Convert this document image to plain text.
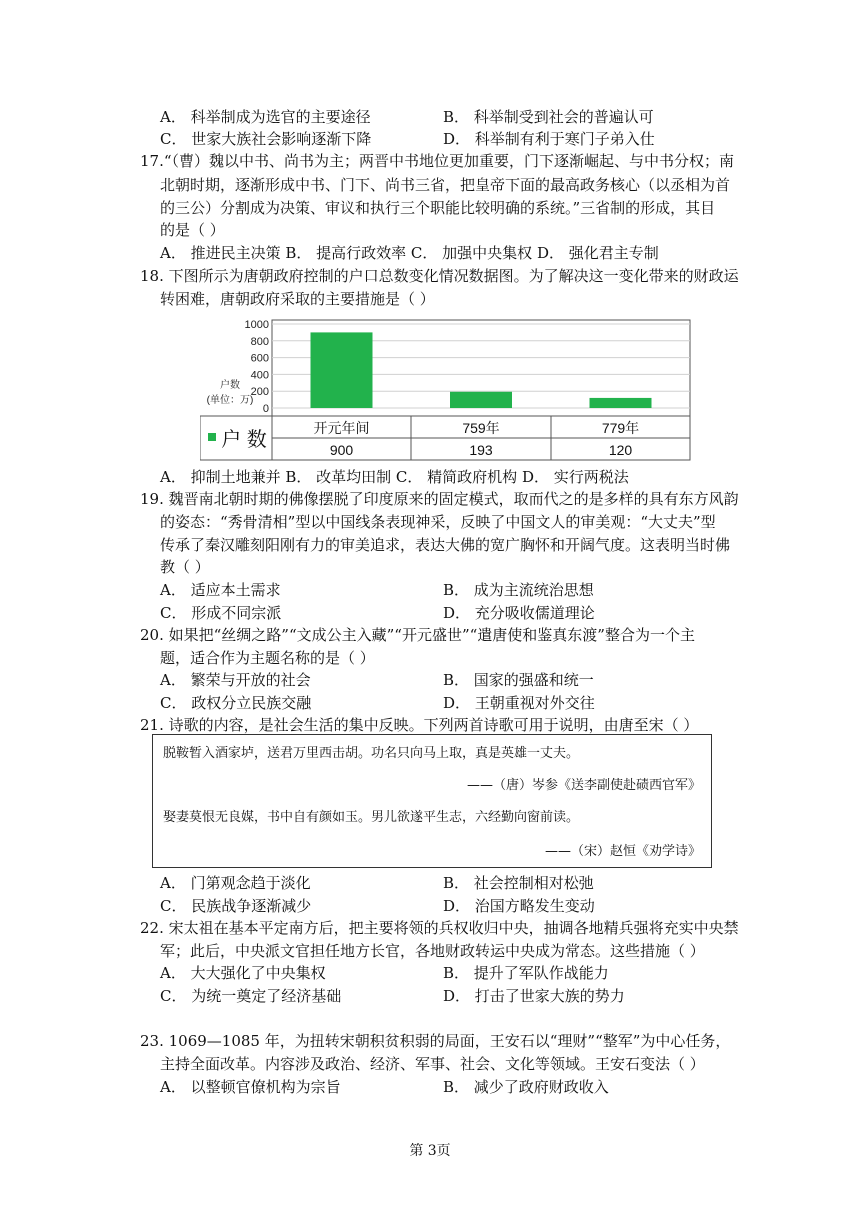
A． 科举制成为选官的主要途径	B． 科举制受到社会的普遍认可
C． 世家大族社会影响逐渐下降	D． 科举制有利于寒门子弟入仕
17.“（曹）魏以中书、尚书为主；两晋中书地位更加重要，门下逐渐崛起、与中书分权；南
北朝时期，逐渐形成中书、门下、尚书三省，把皇帝下面的最高政务核心（以丞相为首
的三公）分割成为决策、审议和执行三个职能比较明确的系统。”三省制的形成，其目
的是（ ）
A． 推进民主决策 B． 提高行政效率 C． 加强中央集权 D． 强化君主专制
18. 下图所示为唐朝政府控制的户口总数变化情况数据图。为了解决这一变化带来的财政运
转困难，唐朝政府采取的主要措施是（ ）
1000
800
600
400
200
0
户数
(单位：万)
户 数
开元年间
900
759年
193
779年
120
A． 抑制土地兼并 B． 改革均田制 C． 精简政府机构 D． 实行两税法
19. 魏晋南北朝时期的佛像摆脱了印度原来的固定模式，取而代之的是多样的具有东方风韵
的姿态：“秀骨清相”型以中国线条表现神采，反映了中国文人的审美观：“大丈夫”型
传承了秦汉雕刻阳刚有力的审美追求，表达大佛的宽广胸怀和开阔气度。这表明当时佛
教（ ）
A． 适应本土需求	B． 成为主流统治思想
C． 形成不同宗派	D． 充分吸收儒道理论
20. 如果把“丝绸之路”“文成公主入藏”“开元盛世”“遣唐使和鉴真东渡”整合为一个主
题，适合作为主题名称的是（ ）
A． 繁荣与开放的社会	B． 国家的强盛和统一
C． 政权分立民族交融	D． 王朝重视对外交往
21. 诗歌的内容，是社会生活的集中反映。下列两首诗歌可用于说明，由唐至宋（ ）
脱鞍暂入酒家垆，送君万里西击胡。功名只向马上取，真是英雄一丈夫。
——（唐）岑参《送李副使赴碛西官军》
娶妻莫恨无良媒，书中自有颜如玉。男儿欲遂平生志，六经勤向窗前读。
——（宋）赵恒《劝学诗》
A． 门第观念趋于淡化	B． 社会控制相对松弛
C． 民族战争逐渐减少	D． 治国方略发生变动
22. 宋太祖在基本平定南方后，把主要将领的兵权收归中央，抽调各地精兵强将充实中央禁
军；此后，中央派文官担任地方长官，各地财政转运中央成为常态。这些措施（ ）
A． 大大强化了中央集权	B． 提升了军队作战能力
C． 为统一奠定了经济基础	D． 打击了世家大族的势力
23. 1069—1085 年，为扭转宋朝积贫积弱的局面，王安石以“理财”“整军”为中心任务，
主持全面改革。内容涉及政治、经济、军事、社会、文化等领域。王安石变法（ ）
A． 以整顿官僚机构为宗旨	B． 减少了政府财政收入
第 3页
